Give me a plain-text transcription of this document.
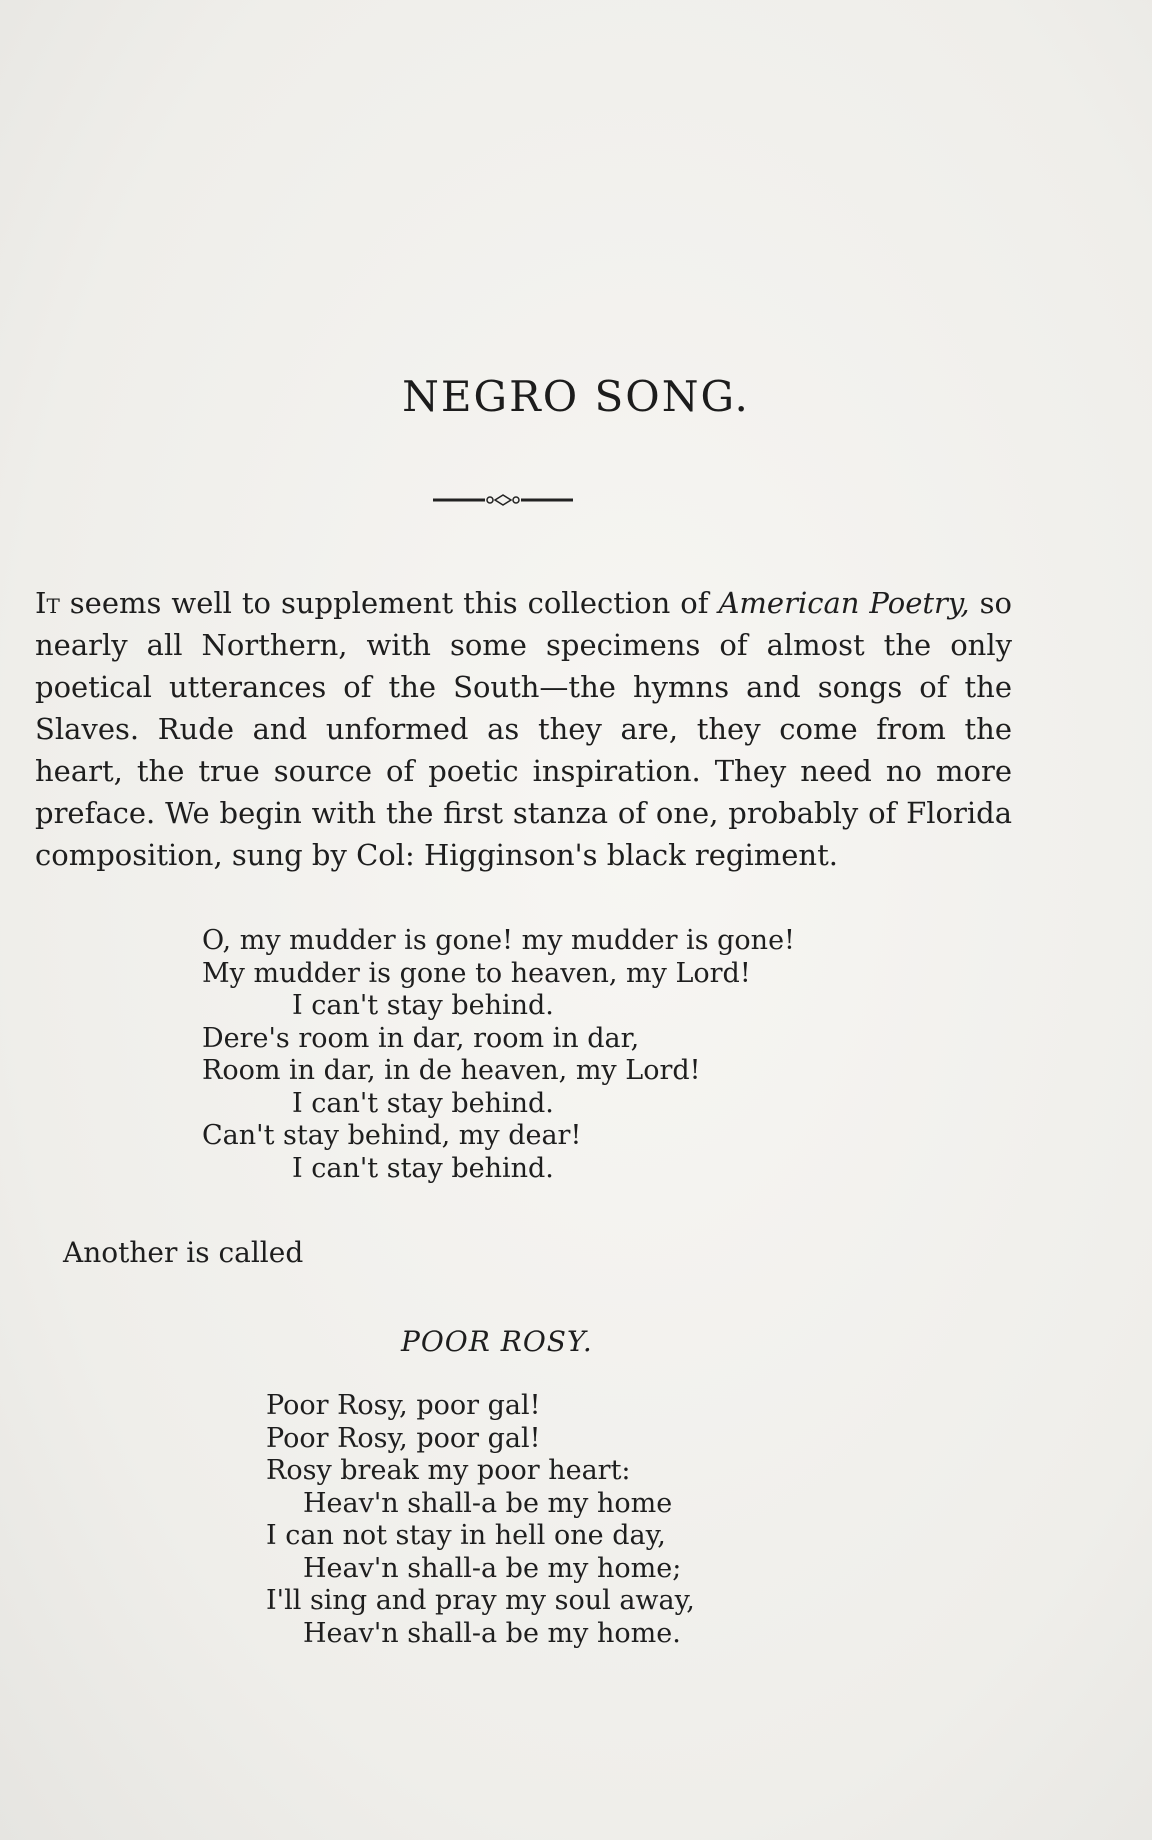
NEGRO SONG.
It seems well to supplement this collection of American Poetry, so nearly all Northern, with some specimens of almost the only poetical utterances of the South—the hymns and songs of the Slaves. Rude and unformed as they are, they come from the heart, the true source of poetic inspiration. They need no more preface. We begin with the first stanza of one, probably of Florida composition, sung by Col: Higginson's black regiment.
O, my mudder is gone! my mudder is gone!
My mudder is gone to heaven, my Lord!
I can't stay behind.
Dere's room in dar, room in dar,
Room in dar, in de heaven, my Lord!
I can't stay behind.
Can't stay behind, my dear!
I can't stay behind.
Another is called
POOR ROSY.
Poor Rosy, poor gal!
Poor Rosy, poor gal!
Rosy break my poor heart:
Heav'n shall-a be my home
I can not stay in hell one day,
Heav'n shall-a be my home;
I'll sing and pray my soul away,
Heav'n shall-a be my home.
